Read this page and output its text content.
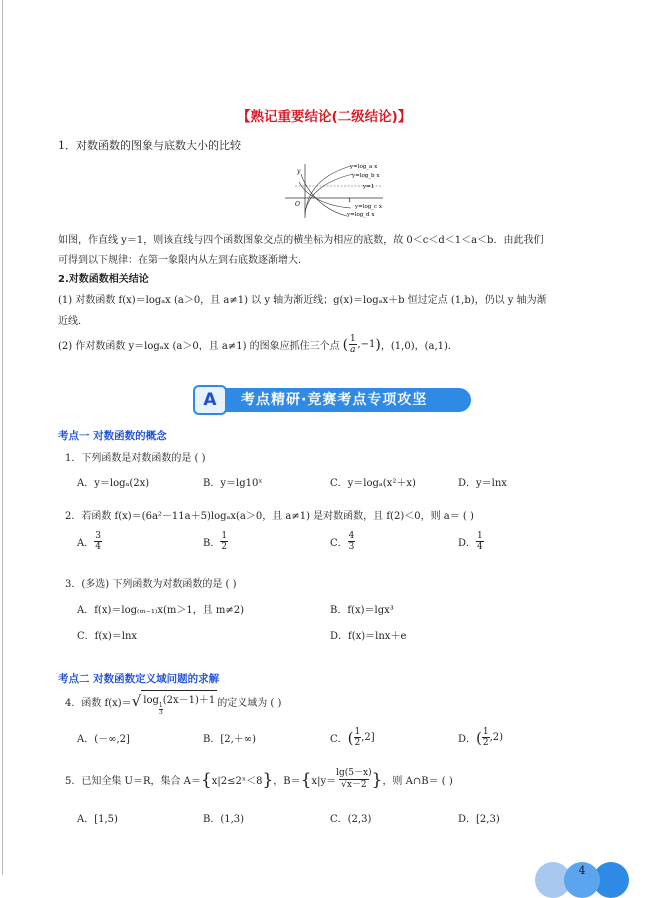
【熟记重要结论(二级结论)】
1．对数函数的图象与底数大小的比较
y=log_a x
y=log_b x
y=1
y=log_c x
y=log_d x
y
O	1
如图，作直线 y＝1，则该直线与四个函数图象交点的横坐标为相应的底数，故 0＜c＜d＜1＜a＜b．由此我们
可得到以下规律：在第一象限内从左到右底数逐渐增大．
2.对数函数相关结论
(1) 对数函数 f(x)＝logₐx (a＞0，且 a≠1) 以 y 轴为渐近线；g(x)＝logₐx＋b 恒过定点 (1,b)，仍以 y 轴为渐
近线．
(2) 作对数函数 y＝logₐx (a＞0，且 a≠1) 的图象应抓住三个点 ( 1
a ,−1 ) ，(1,0)，(a,1)．
A	考点精研·竞赛考点专项攻坚
考点一 对数函数的概念
1．下列函数是对数函数的是 ( )
A．y＝logₐ(2x)	B．y＝lg10ˣ	C．y＝logₐ(x²＋x)	D．y＝lnx
2．若函数 f(x)＝(6a²－11a＋5)logₐx(a＞0，且 a≠1) 是对数函数，且 f(2)＜0，则 a＝ ( )
A．
3
4	B．
1
2	C．
4
3	D．
1
4
3．(多选) 下列函数为对数函数的是 ( )
A．f(x)＝log₍ₘ₋₁₎x(m＞1，且 m≠2)	B．f(x)＝lgx³
C．f(x)＝lnx	D．f(x)＝lnx＋e
考点二 对数函数定义域问题的求解
4．函数 f(x)＝ √ log 1
3
(2x－1)＋1 的定义域为 ( )
A．(－∞,2]	B．[2,＋∞)	C． ( 1
2 ,2]	D． ( 1
2 ,2)
5．已知全集 U＝R，集合 A＝ { x|2≤2ˣ＜8 } ，B＝ { x|y＝
lg(5－x)
√x－2 } ，则 A∩B＝ ( )
A．[1,5)	B．(1,3)	C．(2,3)	D．[2,3)
4
